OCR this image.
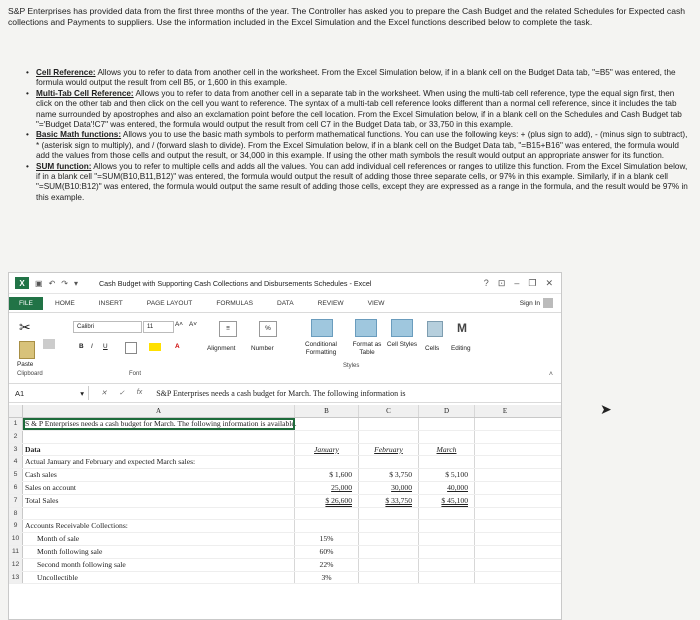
S&P Enterprises has provided data from the first three months of the year. The Controller has asked you to prepare the Cash Budget and the related Schedules for Expected cash collections and Payments to suppliers. Use the information included in the Excel Simulation and the Excel functions described below to complete the task.
• Cell Reference: Allows you to refer to data from another cell in the worksheet. From the Excel Simulation below, if in a blank cell on the Budget Data tab, "=B5" was entered, the formula would output the result from cell B5, or 1,600 in this example.
• Multi-Tab Cell Reference: Allows you to refer to data from another cell in a separate tab in the worksheet. When using the multi-tab cell reference, type the equal sign first, then click on the other tab and then click on the cell you want to reference. The syntax of a multi-tab cell reference looks different than a normal cell reference, since it includes the tab name surrounded by apostrophes and also an exclamation point before the cell location. From the Excel Simulation below, if in a blank cell on the Schedules and Cash Budget tab "='Budget Data'!C7" was entered, the formula would output the result from cell C7 in the Budget Data tab, or 33,750 in this example.
• Basic Math functions: Allows you to use the basic math symbols to perform mathematical functions. You can use the following keys: + (plus sign to add), - (minus sign to subtract), * (asterisk sign to multiply), and / (forward slash to divide). From the Excel Simulation below, if in a blank cell on the Budget Data tab, "=B15+B16" was entered, the formula would add the values from those cells and output the result, or 34,000 in this example. If using the other math symbols the result would output an appropriate answer for its function.
• SUM function: Allows you to refer to multiple cells and adds all the values. You can add individual cell references or ranges to utilize this function. From the Excel Simulation below, if in a blank cell "=SUM(B10,B11,B12)" was entered, the formula would output the result of adding those three separate cells, or 97% in this example. Similarly, if in a blank cell "=SUM(B10:B12)" was entered, the formula would output the same result of adding those cells, except they are expressed as a range in the formula, and the result would be 97% in this example.
X	▣ ↶ ↷ ▾	Cash Budget with Supporting Cash Collections and Disbursements Schedules - Excel	? ⊡ – ❐ ✕
FILE	HOME	INSERT	PAGE LAYOUT	FORMULAS	DATA	REVIEW	VIEW	Sign In
✂
Paste
Calibri	11	A˄ A˅
B I U	A
≡
Alignment
%
Number
Conditional Formatting
Format as Table
Cell Styles
Cells
M
Editing
Clipboard	Font
Styles
˄
A1	▾ ✕ ✓ fx S&P Enterprises needs a cash budget for March. The following information is
A	B	C	D	E
1	S & P Enterprises needs a cash budget for March. The following information is available.
2
3	Data	January	February	March
4	Actual January and February and expected March sales:
5	Cash sales	$ 1,600	$ 3,750	$ 5,100
6	Sales on account	25,000	30,000	40,000
7	Total Sales	$ 26,600	$ 33,750	$ 45,100
8
9	Accounts Receivable Collections:
10	Month of sale	15%
11	Month following sale	60%
12	Second month following sale	22%
13	Uncollectible	3%
➤
